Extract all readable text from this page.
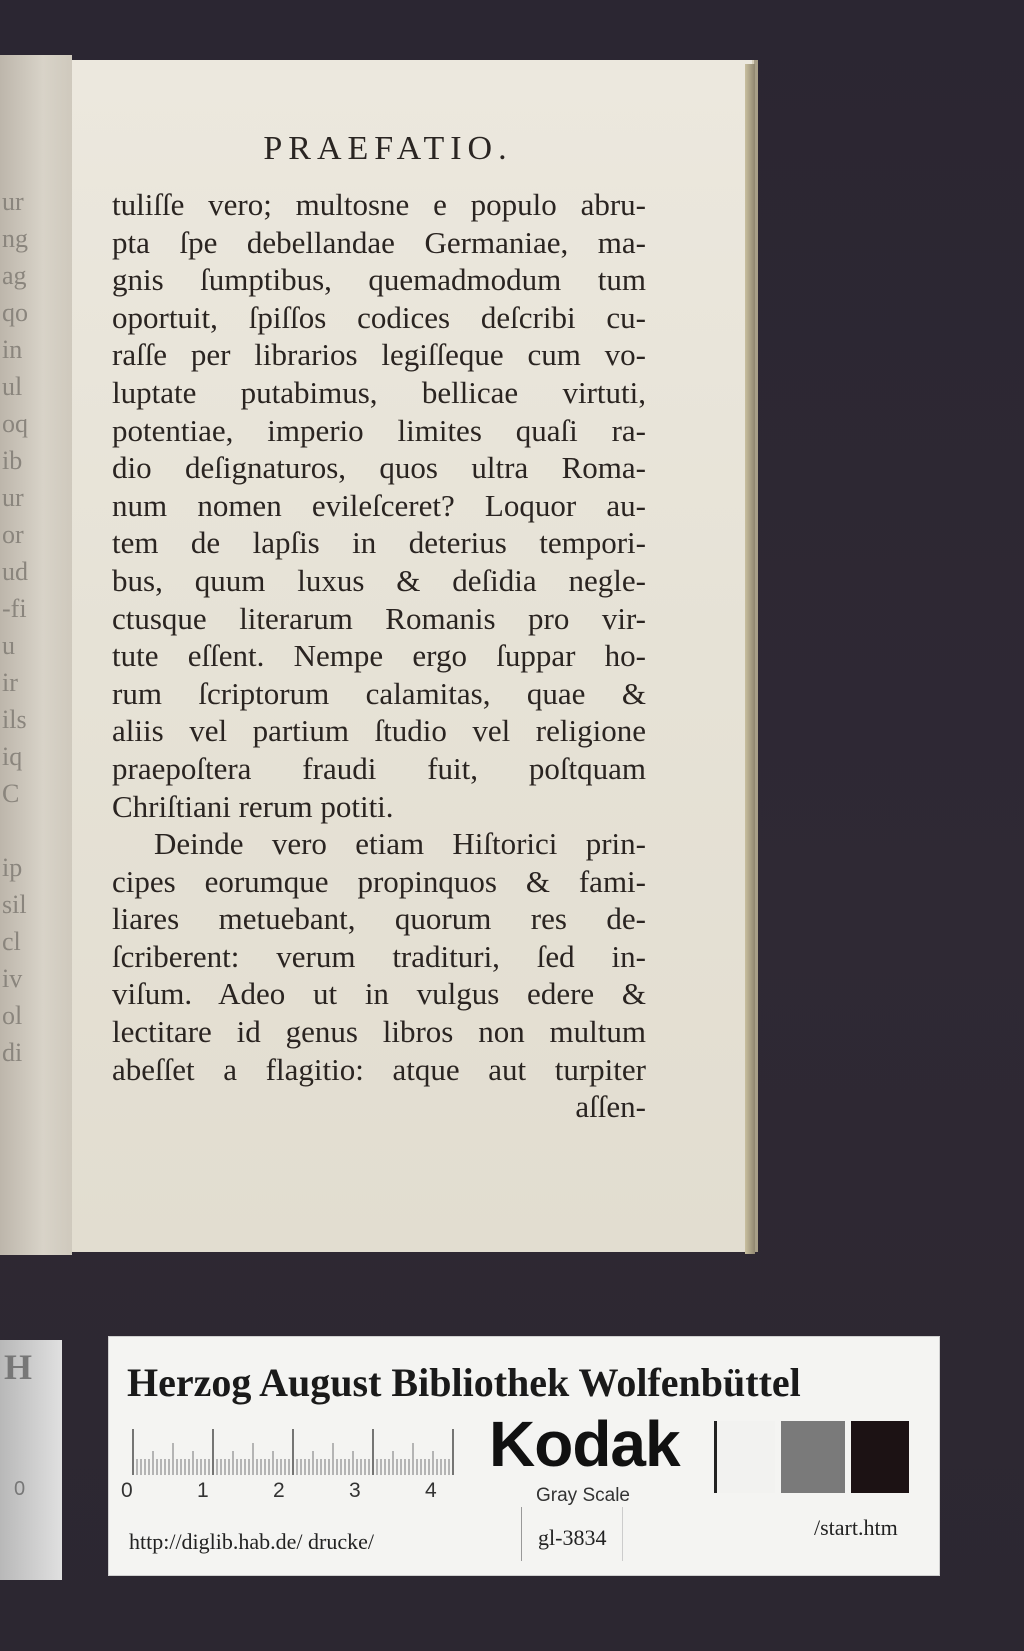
ur
ng
ag
qo
in
ul
oq
ib
ur
or
ud
-fi
u
ir
ils
iq
C
ip
sil
cl
iv
ol
di
PRAEFATIO.
tuliſſe vero; multosne e populo abru-
pta ſpe debellandae Germaniae, ma-
gnis ſumptibus, quemadmodum tum
oportuit, ſpiſſos codices deſcribi cu-
raſſe per librarios legiſſeque cum vo-
luptate putabimus, bellicae virtuti,
potentiae, imperio limites quaſi ra-
dio deſignaturos, quos ultra Roma-
num nomen evileſceret? Loquor au-
tem de lapſis in deterius tempori-
bus, quum luxus & deſidia negle-
ctusque literarum Romanis pro vir-
tute eſſent. Nempe ergo ſuppar ho-
rum ſcriptorum calamitas, quae &
aliis vel partium ſtudio vel religione
praepoſtera fraudi fuit, poſtquam
Chriſtiani rerum potiti.
Deinde vero etiam Hiſtorici prin-
cipes eorumque propinquos & fami-
liares metuebant, quorum res de-
ſcriberent: verum tradituri, ſed in-
viſum. Adeo ut in vulgus edere &
lectitare id genus libros non multum
abeſſet a flagitio: atque aut turpiter
aſſen-
H
0
Herzog August Bibliothek Wolfenbüttel
0	1	2	3	4
Kodak
Gray Scale
http://diglib.hab.de/ drucke/	gl-3834	/start.htm
